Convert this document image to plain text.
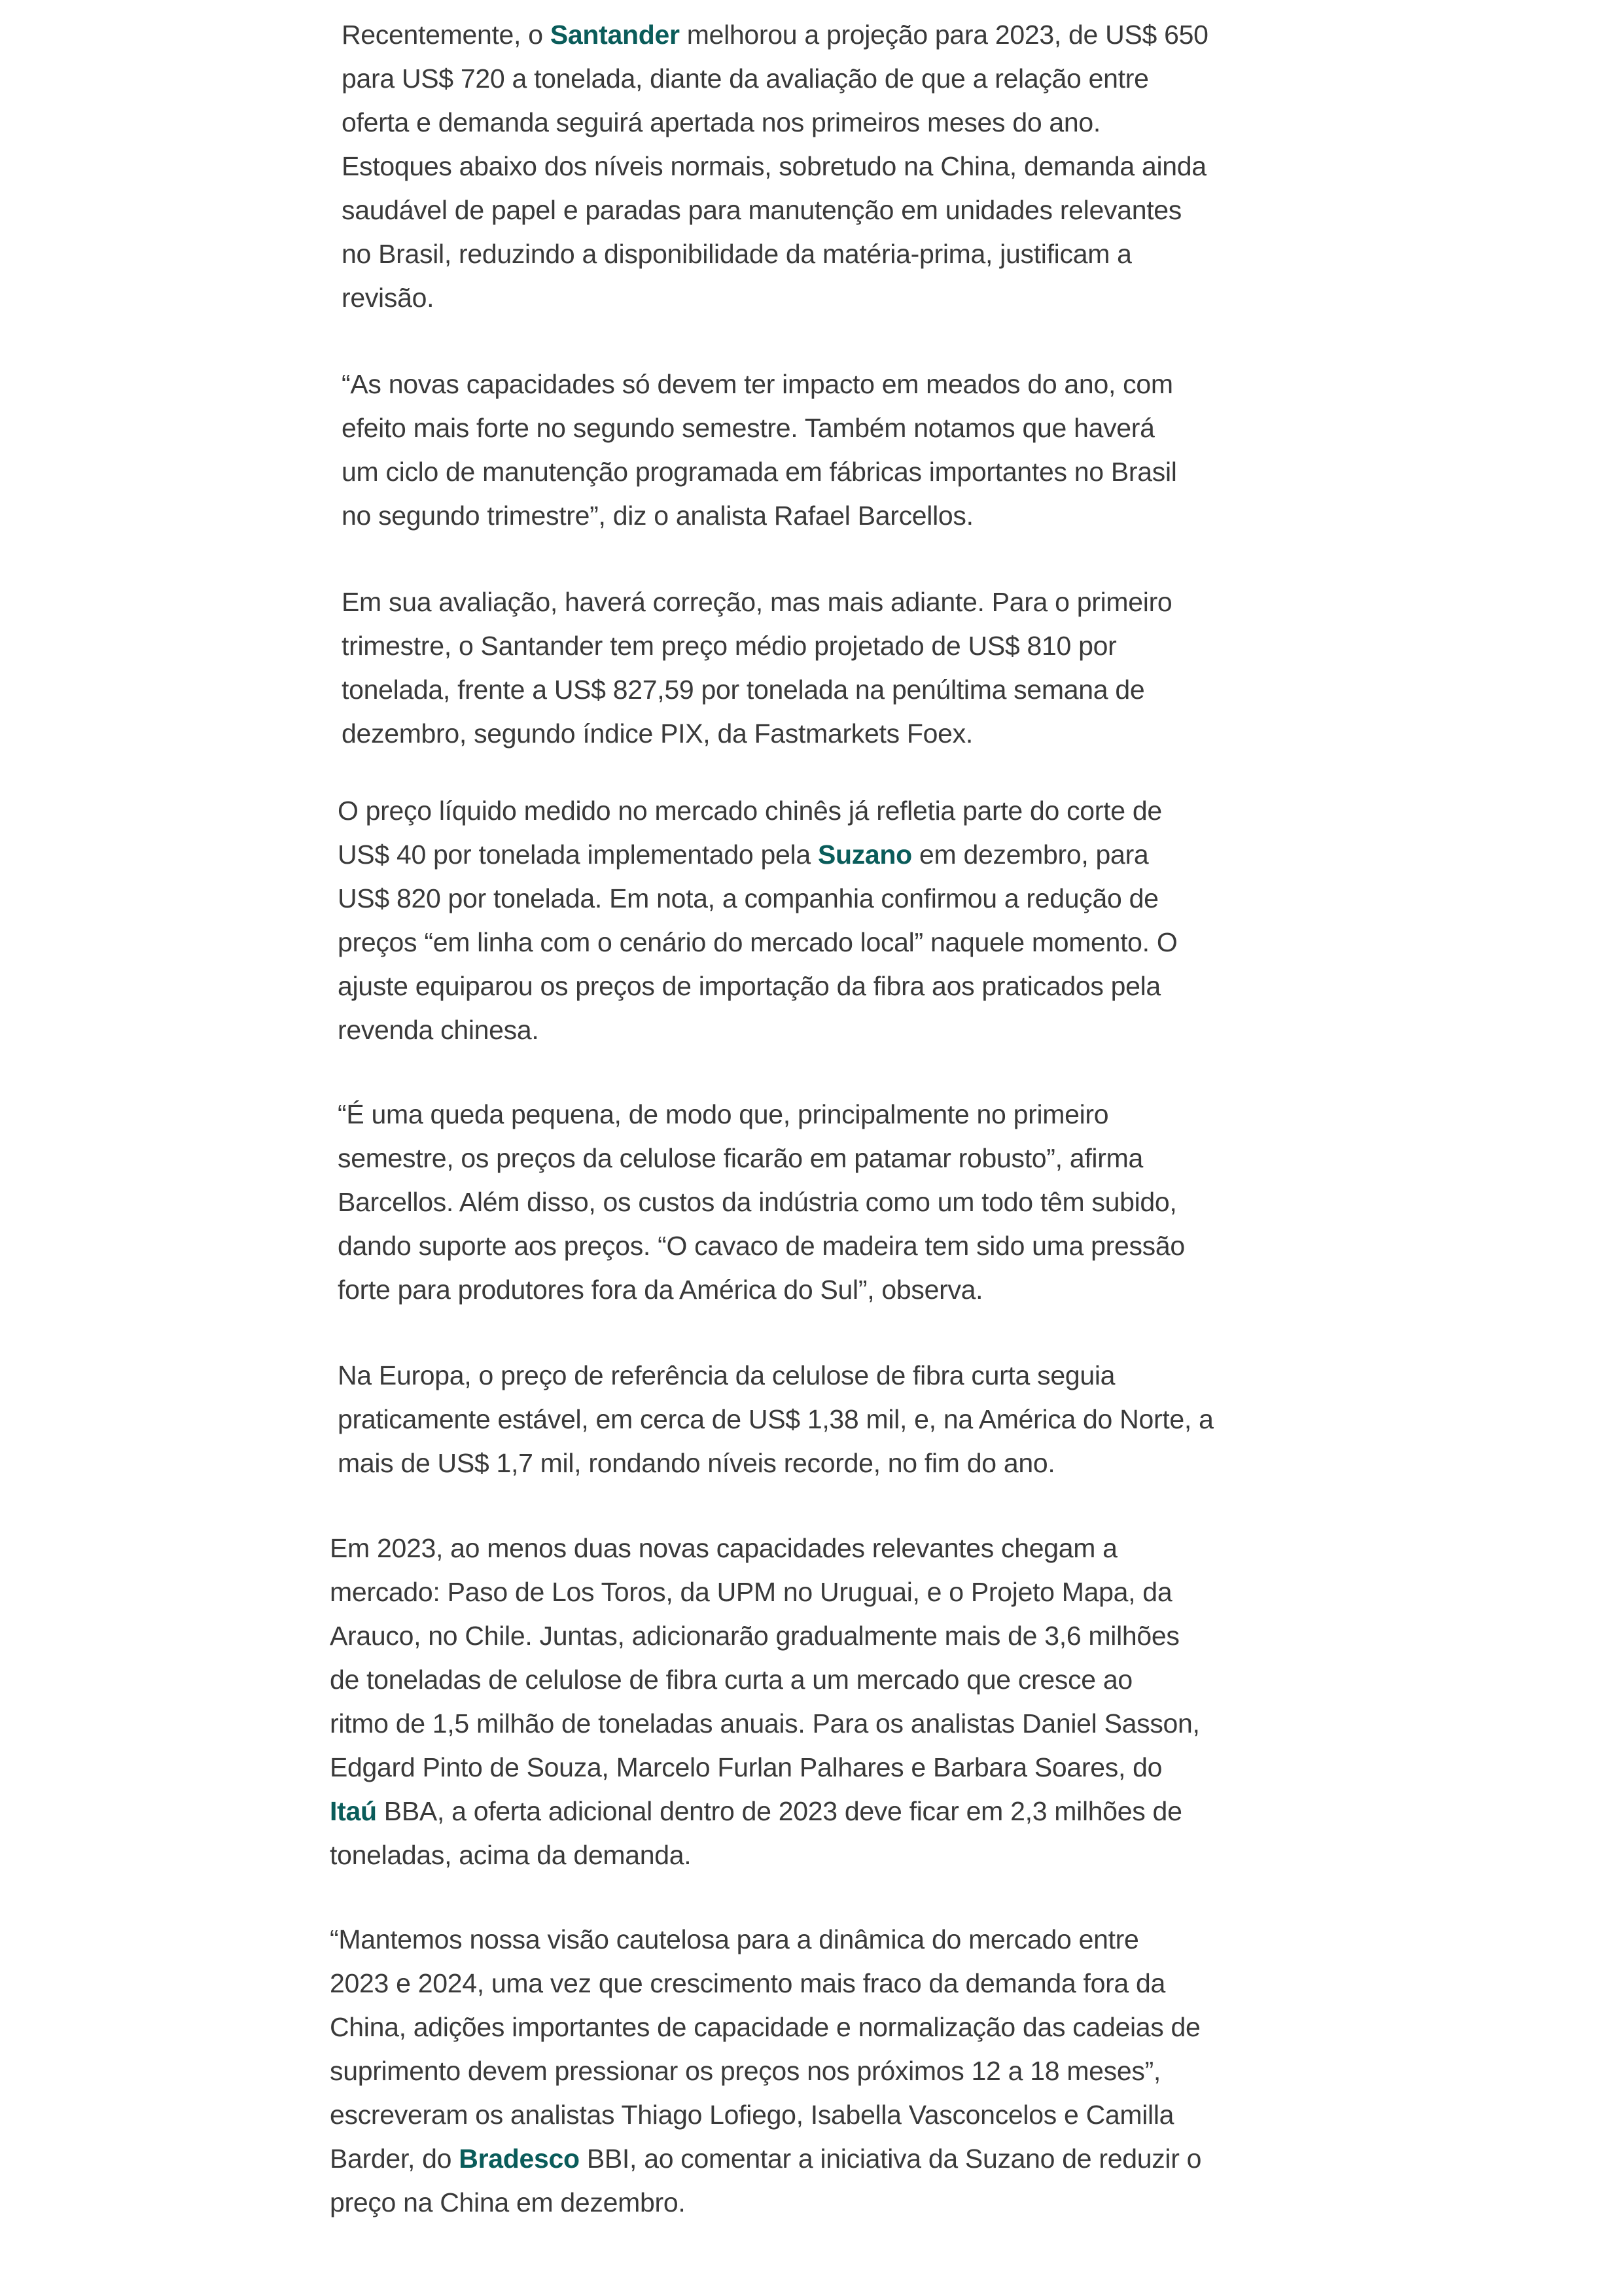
Recentemente, o Santander melhorou a projeção para 2023, de US$ 650
para US$ 720 a tonelada, diante da avaliação de que a relação entre
oferta e demanda seguirá apertada nos primeiros meses do ano.
Estoques abaixo dos níveis normais, sobretudo na China, demanda ainda
saudável de papel e paradas para manutenção em unidades relevantes
no Brasil, reduzindo a disponibilidade da matéria-prima, justificam a
revisão.

“As novas capacidades só devem ter impacto em meados do ano, com
efeito mais forte no segundo semestre. Também notamos que haverá
um ciclo de manutenção programada em fábricas importantes no Brasil
no segundo trimestre”, diz o analista Rafael Barcellos.

Em sua avaliação, haverá correção, mas mais adiante. Para o primeiro
trimestre, o Santander tem preço médio projetado de US$ 810 por
tonelada, frente a US$ 827,59 por tonelada na penúltima semana de
dezembro, segundo índice PIX, da Fastmarkets Foex.

O preço líquido medido no mercado chinês já refletia parte do corte de
US$ 40 por tonelada implementado pela Suzano em dezembro, para
US$ 820 por tonelada. Em nota, a companhia confirmou a redução de
preços “em linha com o cenário do mercado local” naquele momento. O
ajuste equiparou os preços de importação da fibra aos praticados pela
revenda chinesa.

“É uma queda pequena, de modo que, principalmente no primeiro
semestre, os preços da celulose ficarão em patamar robusto”, afirma
Barcellos. Além disso, os custos da indústria como um todo têm subido,
dando suporte aos preços. “O cavaco de madeira tem sido uma pressão
forte para produtores fora da América do Sul”, observa.

Na Europa, o preço de referência da celulose de fibra curta seguia
praticamente estável, em cerca de US$ 1,38 mil, e, na América do Norte, a
mais de US$ 1,7 mil, rondando níveis recorde, no fim do ano.

Em 2023, ao menos duas novas capacidades relevantes chegam a
mercado: Paso de Los Toros, da UPM no Uruguai, e o Projeto Mapa, da
Arauco, no Chile. Juntas, adicionarão gradualmente mais de 3,6 milhões
de toneladas de celulose de fibra curta a um mercado que cresce ao
ritmo de 1,5 milhão de toneladas anuais. Para os analistas Daniel Sasson,
Edgard Pinto de Souza, Marcelo Furlan Palhares e Barbara Soares, do
Itaú BBA, a oferta adicional dentro de 2023 deve ficar em 2,3 milhões de
toneladas, acima da demanda.

“Mantemos nossa visão cautelosa para a dinâmica do mercado entre
2023 e 2024, uma vez que crescimento mais fraco da demanda fora da
China, adições importantes de capacidade e normalização das cadeias de
suprimento devem pressionar os preços nos próximos 12 a 18 meses”,
escreveram os analistas Thiago Lofiego, Isabella Vasconcelos e Camilla
Barder, do Bradesco BBI, ao comentar a iniciativa da Suzano de reduzir o
preço na China em dezembro.
